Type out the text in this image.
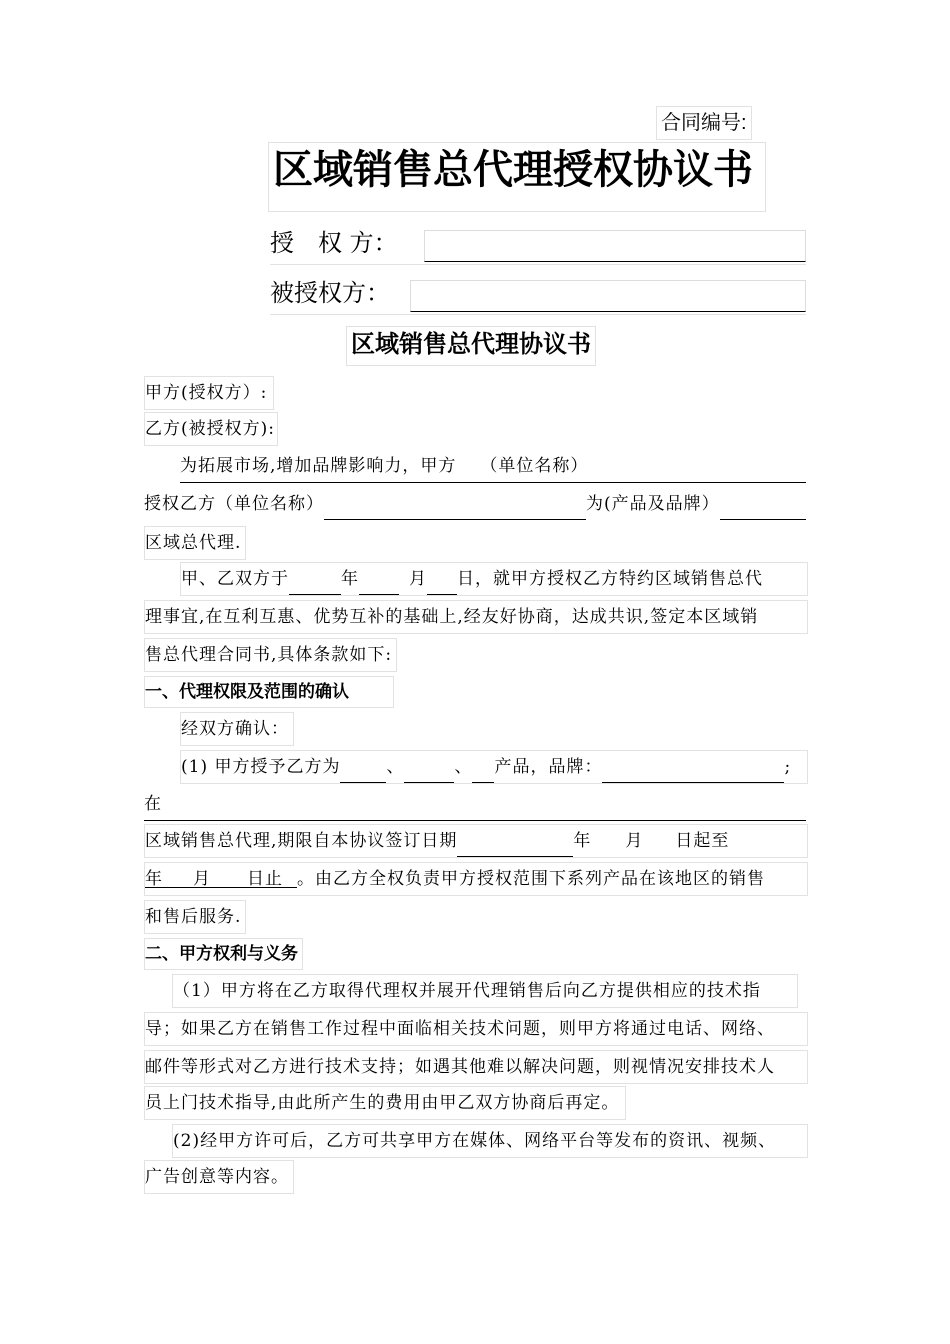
合同编号:
区域销售总代理授权协议书
授　权 方：
被授权方：
区域销售总代理协议书
甲方(授权方）:
乙方(被授权方):
为拓展市场,增加品牌影响力，甲方 （单位名称）
授权乙方（单位名称）	为(产品及品牌）
区域总代理.
甲、乙双方于	年	月 日，就甲方授权乙方特约区域销售总代
理事宜,在互利互惠、优势互补的基础上,经友好协商，达成共识,签定本区域销
售总代理合同书,具体条款如下:
一、代理权限及范围的确认
经双方确认：
(1) 甲方授予乙方为	、	、 产品，品牌：	;
在
区域销售总代理,期限自本协议签订日期	年 月 日起至
年 月 日止 。由乙方全权负责甲方授权范围下系列产品在该地区的销售
和售后服务.
二、甲方权利与义务
（1）甲方将在乙方取得代理权并展开代理销售后向乙方提供相应的技术指
导；如果乙方在销售工作过程中面临相关技术问题，则甲方将通过电话、网络、
邮件等形式对乙方进行技术支持；如遇其他难以解决问题，则视情况安排技术人
员上门技术指导,由此所产生的费用由甲乙双方协商后再定。
(2)经甲方许可后，乙方可共享甲方在媒体、网络平台等发布的资讯、视频、
广告创意等内容。
